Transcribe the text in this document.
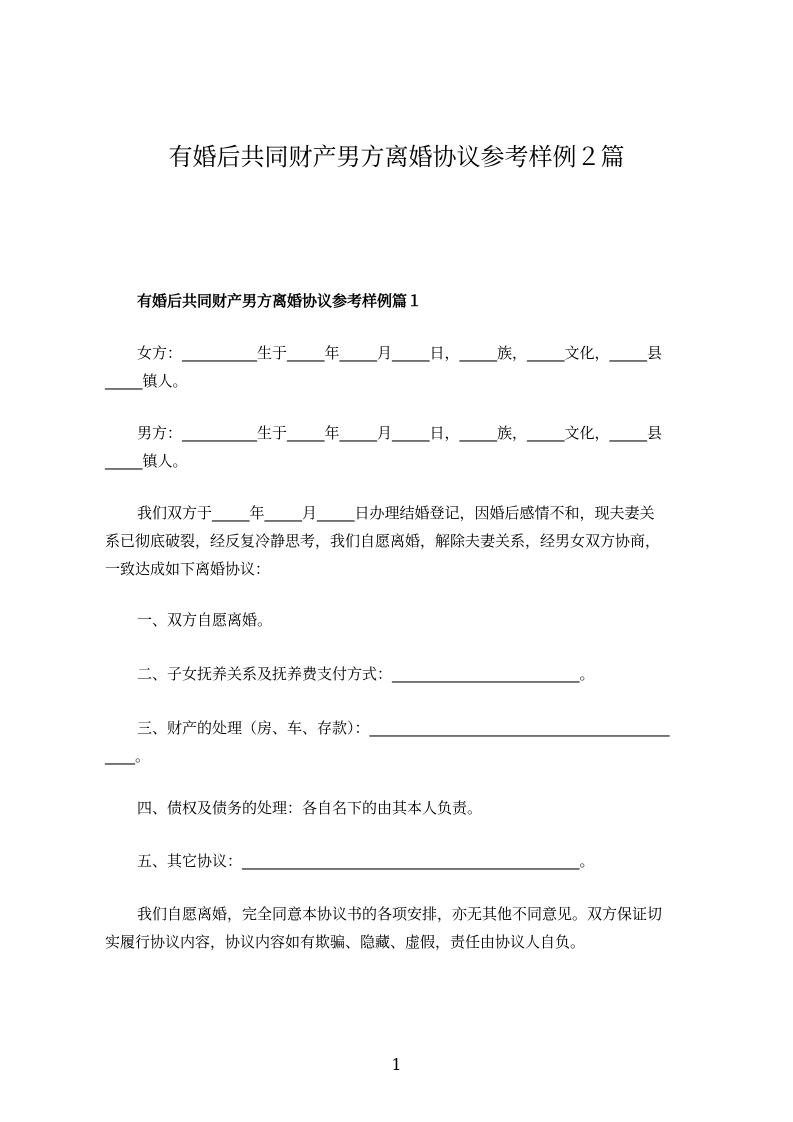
有婚后共同财产男方离婚协议参考样例２篇
有婚后共同财产男方离婚协议参考样例篇１
女方：__________生于_____年_____月_____日，_____族，_____文化，_____县
_____镇人。
男方：__________生于_____年_____月_____日，_____族，_____文化，_____县
_____镇人。
我们双方于_____年_____月_____日办理结婚登记，因婚后感情不和，现夫妻关
系已彻底破裂，经反复冷静思考，我们自愿离婚，解除夫妻关系，经男女双方协商，
一致达成如下离婚协议：
一、双方自愿离婚。
二、子女抚养关系及抚养费支付方式：_________________________。
三、财产的处理（房、车、存款）：________________________________________
____。
四、债权及债务的处理：各自名下的由其本人负责。
五、其它协议：_____________________________________________。
我们自愿离婚，完全同意本协议书的各项安排，亦无其他不同意见。双方保证切
实履行协议内容，协议内容如有欺骗、隐藏、虚假，责任由协议人自负。
1
